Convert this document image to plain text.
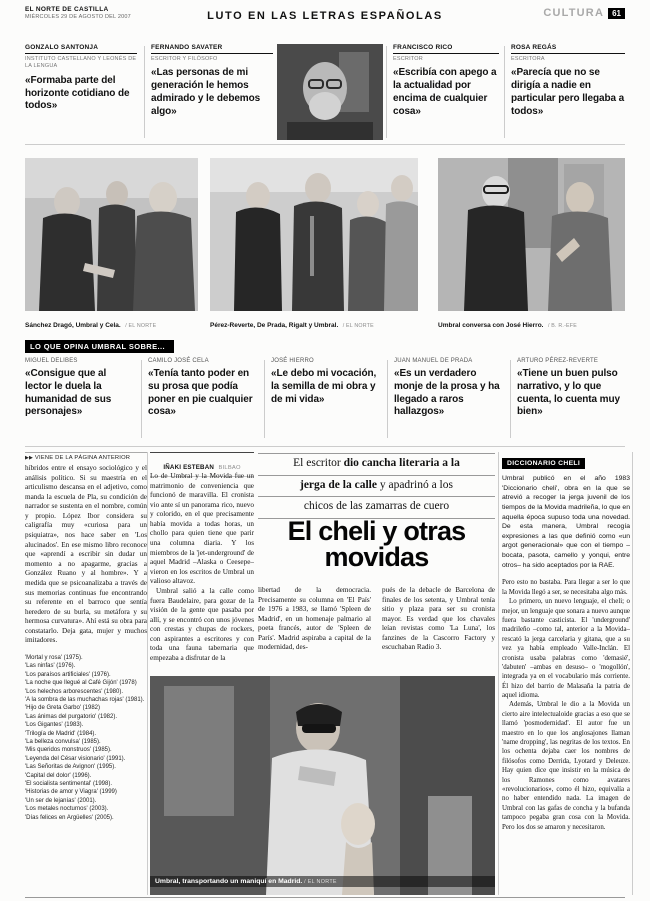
EL NORTE DE CASTILLA
MIÉRCOLES 29 DE AGOSTO DEL 2007	LUTO EN LAS LETRAS ESPAÑOLAS	CULTURA	61
GONZALO SANTONJA
INSTITUTO CASTELLANO Y LEONÉS DE LA LENGUA
«Formaba parte del horizonte cotidiano de todos»
FERNANDO SAVATER
ESCRITOR Y FILÓSOFO
«Las personas de mi generación le hemos admirado y le debemos algo»
FRANCISCO RICO
ESCRITOR
«Escribía con apego a la actualidad por encima de cualquier cosa»
ROSA REGÁS
ESCRITORA
«Parecía que no se dirigía a nadie en particular pero llegaba a todos»
Sánchez Dragó, Umbral y Cela. / EL NORTE	Pérez-Reverte, De Prada, Rigalt y Umbral. / EL NORTE	Umbral conversa con José Hierro. / B. R.-EFE
LO QUE OPINA UMBRAL SOBRE...
MIGUEL DELIBES
«Consigue que al lector le duela la humanidad de sus personajes»
CAMILO JOSÉ CELA
«Tenía tanto poder en su prosa que podía poner en pie cualquier cosa»
JOSÉ HIERRO
«Le debo mi vocación, la semilla de mi obra y de mi vida»
JUAN MANUEL DE PRADA
«Es un verdadero monje de la prosa y ha llegado a raros hallazgos»
ARTURO PÉREZ-REVERTE
«Tiene un buen pulso narrativo, y lo que cuenta, lo cuenta muy bien»
▶▶ VIENE DE LA PÁGINA ANTERIOR
híbridos entre el ensayo sociológico y el análisis político. Si su maestría en el articulismo descansa en el adjetivo, como manda la escuela de Pla, su condición de narrador se sustenta en el nombre, común y propio. López Ibor considera su caligrafía muy «curiosa para un psiquiatra», nos hace saber en 'Los alucinados'. En ese mismo libro reconoce que «aprendí a escribir sin dudar un momento a no apagarme, gracias a González Ruano y al hombre». Y a medida que se psicoanalizaba a través de sus memorias continuas fue encontrando su referente en el barroco que sentía heredero de su burla, su metáfora y su hermosa curvatura». Ahí está su obra para constatarlo. Deja gata, mujer y muchos imitadores.
'Mortal y rosa' (1975).
'Las ninfas' (1976).
'Los paraísos artificiales' (1976).
'La noche que llegué al Café Gijón' (1978)
'Los helechos arborescentes' (1980).
'A la sombra de las muchachas rojas' (1981).
'Hijo de Greta Garbo' (1982)
'Las ánimas del purgatorio' (1982).
'Los Gigantes' (1983).
'Trilogía de Madrid' (1984).
'La belleza convulsa' (1985).
'Mis queridos monstruos' (1985).
'Leyenda del César visionario' (1991).
'Las Señoritas de Avignon' (1995).
'Capital del dolor' (1996).
'El socialista sentimental' (1998).
'Historias de amor y Viagra' (1999)
'Un ser de lejanías' (2001).
'Los metales nocturnos' (2003).
'Días felices en Argüelles' (2005).
IÑAKI ESTEBAN BILBAO

Lo de Umbral y la Movida fue un matrimonio de conveniencia que funcionó de maravilla. El cronista vio ante sí un panorama rico, nuevo y colorido, en el que precisamente había movida a todas horas, un chollo para quien tiene que parir una columna diaria. Y los miembros de la 'jet-underground' de aquel Madrid –Alaska o Ceesepe– vieron en los escritos de Umbral un valioso altavoz.

Umbral salió a la calle como fuera Baudelaire, para gozar de la visión de la gente que pasaba por allí, y se encontró con unos jóvenes con crestas y chupas de rockers, con aspirantes a escritores y con toda una fauna tabernaria que empezaba a disfrutar de la

El escritor dio cancha literaria a la
jerga de la calle y apadrinó a los
chicos de las zamarras de cuero
El cheli y otras movidas
libertad de la democracia. Precisamente su columna en 'El País' de 1976 a 1983, se llamó 'Spleen de Madrid', en un homenaje palmario al poeta francés, autor de 'Spleen de París'. Madrid aspiraba a capital de la modernidad, des-
pués de la debacle de Barcelona de finales de los setenta, y Umbral tenía sitio y plaza para ser su cronista mayor. Es verdad que los chavales leían revistas como 'La Luna', los fanzines de la Cascorro Factory y escuchaban Radio 3.
Umbral, transportando un maniquí en Madrid. / EL NORTE
DICCIONARIO CHELI
Umbral publicó en el año 1983 'Diccionario cheli', obra en la que se atrevió a recoger la jerga juvenil de los tiempos de la Movida madrileña, lo que en aquella época supuso toda una novedad. De esta manera, Umbral recogía expresiones a las que definió como «un argot generacional» que con el tiempo –bocata, pasota, camello y yonqui, entre otros– ha sido aceptados por la RAE.

Pero esto no bastaba. Para llegar a ser lo que la Movida llegó a ser, se necesitaba algo más.

Lo primero, un nuevo lenguaje, el cheli; o mejor, un lenguaje que sonara a nuevo aunque fuera bastante casticista. El 'underground' madrileño –como tal, anterior a la Movida– rescató la jerga carcelaria y gitana, que a su vez ya había empleado Valle-Inclán. El cronista usaba palabras como 'demasié', 'dabuten' –ambas en desuso– o 'mogollón', integrada ya en el vocabulario más corriente. Él hizo del barrio de Malasaña la patria de aquel idioma.

Además, Umbral le dio a la Movida un cierto aire intelectualoide gracias a eso que se llamó 'posmodernidad'. El autor fue un maestro en lo que los anglosajones llaman 'name dropping', las negritas de los textos. En los ochenta dejaba caer los nombres de filósofos como Derrida, Lyotard y Deleuze. Hay quien dice que insistir en la música de los Ramones como avatares «revolucionarios», como él hizo, equivalía a no haber entendido nada. La imagen de Umbral con las gafas de concha y la bufanda tampoco pegaba gran cosa con la Movida. Pero los dos se amaron y necesitaron.
